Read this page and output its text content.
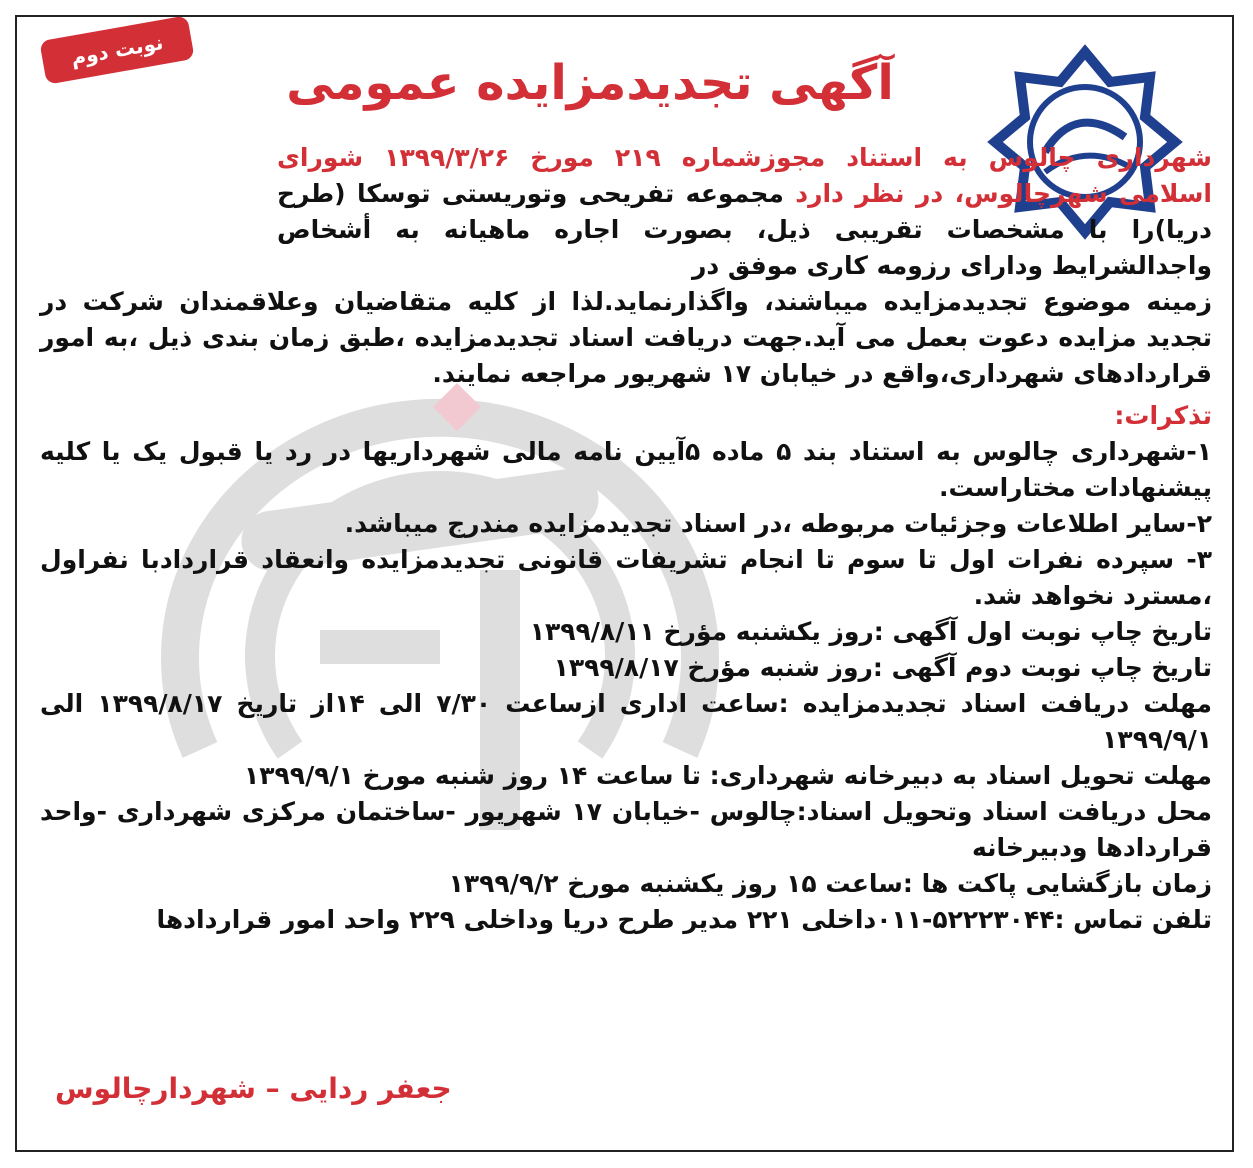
نوبت دوم
آگهی تجدیدمزایده عمومی
شهرداری چالوس به استناد مجوزشماره ۲۱۹ مورخ ۱۳۹۹/۳/۲۶ شورای اسلامی شهرچالوس، در نظر دارد مجموعه تفریحی وتوریستی توسکا (طرح دریا)را با مشخصات تقریبی ذیل، بصورت اجاره ماهیانه به أشخاص واجدالشرایط ودارای رزومه کاری موفق در
زمینه موضوع تجدیدمزایده میباشند، واگذارنماید.لذا از کلیه متقاضیان وعلاقمندان شرکت در تجدید مزایده دعوت بعمل می آید.جهت دریافت اسناد تجدیدمزایده ،طبق زمان بندی ذیل ،به امور قراردادهای شهرداری،واقع در خیابان ۱۷ شهریور مراجعه نمایند.
تذکرات:
۱-شهرداری چالوس به استناد بند ۵ ماده ۵آیین نامه مالی شهرداریها در رد یا قبول یک یا کلیه پیشنهادات مختاراست.
۲-سایر اطلاعات وجزئیات مربوطه ،در اسناد تجدیدمزایده مندرج میباشد.
۳- سپرده نفرات اول تا سوم تا انجام تشریفات قانونی تجدیدمزایده وانعقاد قراردادبا نفراول ،مسترد نخواهد شد.
تاریخ چاپ نوبت اول آگهی :روز یکشنبه مؤرخ ۱۳۹۹/۸/۱۱
تاریخ چاپ نوبت دوم آگهی :روز شنبه مؤرخ ۱۳۹۹/۸/۱۷
مهلت دریافت اسناد تجدیدمزایده :ساعت اداری ازساعت ۷/۳۰ الی ۱۴از تاریخ ۱۳۹۹/۸/۱۷ الی ۱۳۹۹/۹/۱
مهلت تحویل اسناد به دبیرخانه شهرداری: تا ساعت ۱۴ روز شنبه مورخ ۱۳۹۹/۹/۱
محل دریافت اسناد وتحویل اسناد:چالوس -خیابان ۱۷ شهریور -ساختمان مرکزی شهرداری -واحد قراردادها ودبیرخانه
زمان بازگشایی پاکت ها :ساعت ۱۵ روز یکشنبه مورخ ۱۳۹۹/۹/۲
تلفن تماس :۵۲۲۲۳۰۴۴-۰۱۱داخلی ۲۲۱ مدیر طرح دریا وداخلی ۲۲۹ واحد امور قراردادها
جعفر ردایی – شهردارچالوس
